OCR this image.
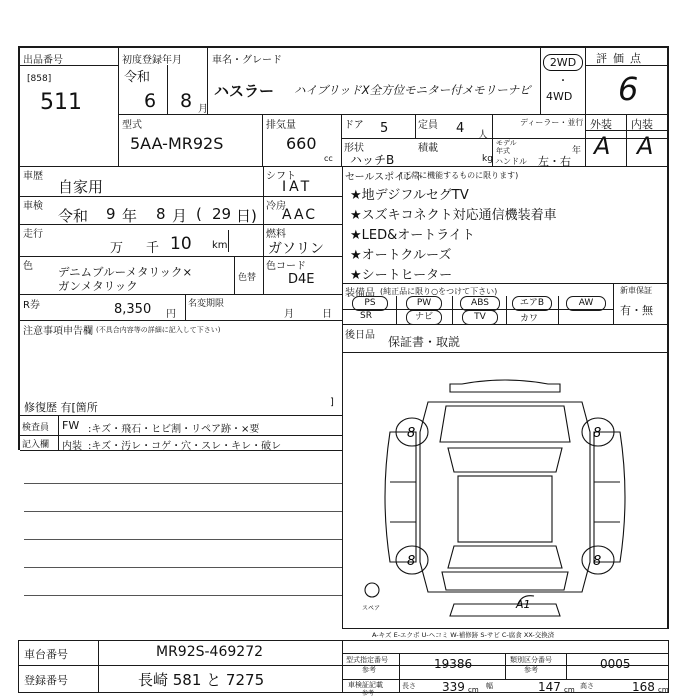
出品番号
[858]
511
初度登録年月
令和
6 8 月
車名・グレード
ハスラー ハイブリッドX全方位モニター付メモリーナビ
2WD
・
4WD
評価点
6
型式
5AA-MR92S
排気量
660
cc
ドア 5	定員 4 人
ディーラー・並行
形状
ハッチB
積載
kg
モデル年式	年
ハンドル 左・右
外装 内装
A A
車歴
自家用
シフト
IAT
車検
令和 9 年 8 月 ( 29 日)
冷房
AAC
走行
万 千 10 km
燃料
ガソリン
色 デニムブルーメタリック×
ガンメタリック
色替
色コード
D4E
R券	8,350 円
名変期限
月	日
注意事項申告欄 (不具合内容等の詳細に記入して下さい)
修復歴 有[箇所	]
検査員
記入欄
FW :キズ・飛石・ヒビ割・リペア跡・×要
内装 :キズ・汚レ・コゲ・穴・スレ・キレ・破レ
セールスポイント
(正常に機能するものに限ります)
★地デジフルセグTV
★スズキコネクト対応通信機装着車
★LED&オートライト
★オートクルーズ
★シートヒーター
装備品 (純正品に限り○をつけて下さい)
PS	PW	ABS	エアB	AW
SR	ナビ	TV	カワ
新車保証
有・無
後日品 保証書・取説
8	8
8	8
A1
スペア
A-キズ E-エクボ U-ヘコミ W-補修跡 S-サビ C-腐食 XX-交換済
車台番号	MR92S-469272
登録番号	長崎 581 と 7275
型式指定番号
参考	19386	類別区分番号
参考	0005
車検証記載
参考
長さ 339 cm 幅	147 cm 高さ	168 cm
